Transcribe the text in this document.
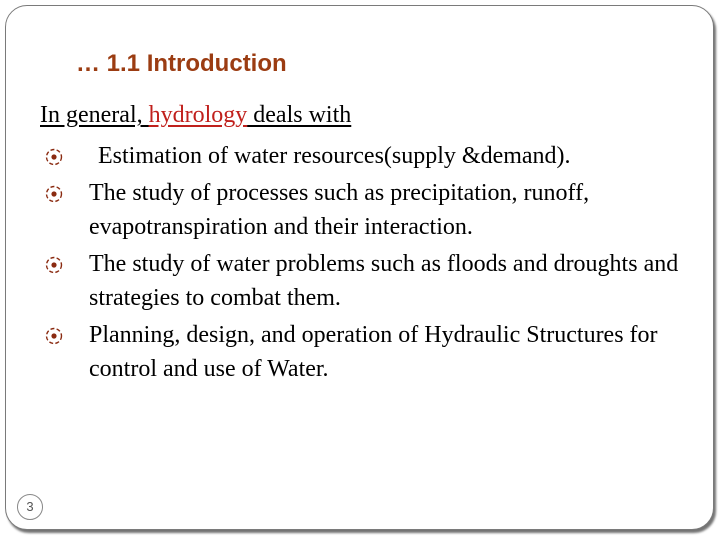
… 1.1 Introduction
In general, hydrology deals with
Estimation of water resources(supply &demand).
The study of processes such as precipitation, runoff, evapotranspiration and their interaction.
The study of water problems such as floods and droughts and strategies to combat them.
Planning, design, and operation of Hydraulic Structures for control and use of Water.
3
